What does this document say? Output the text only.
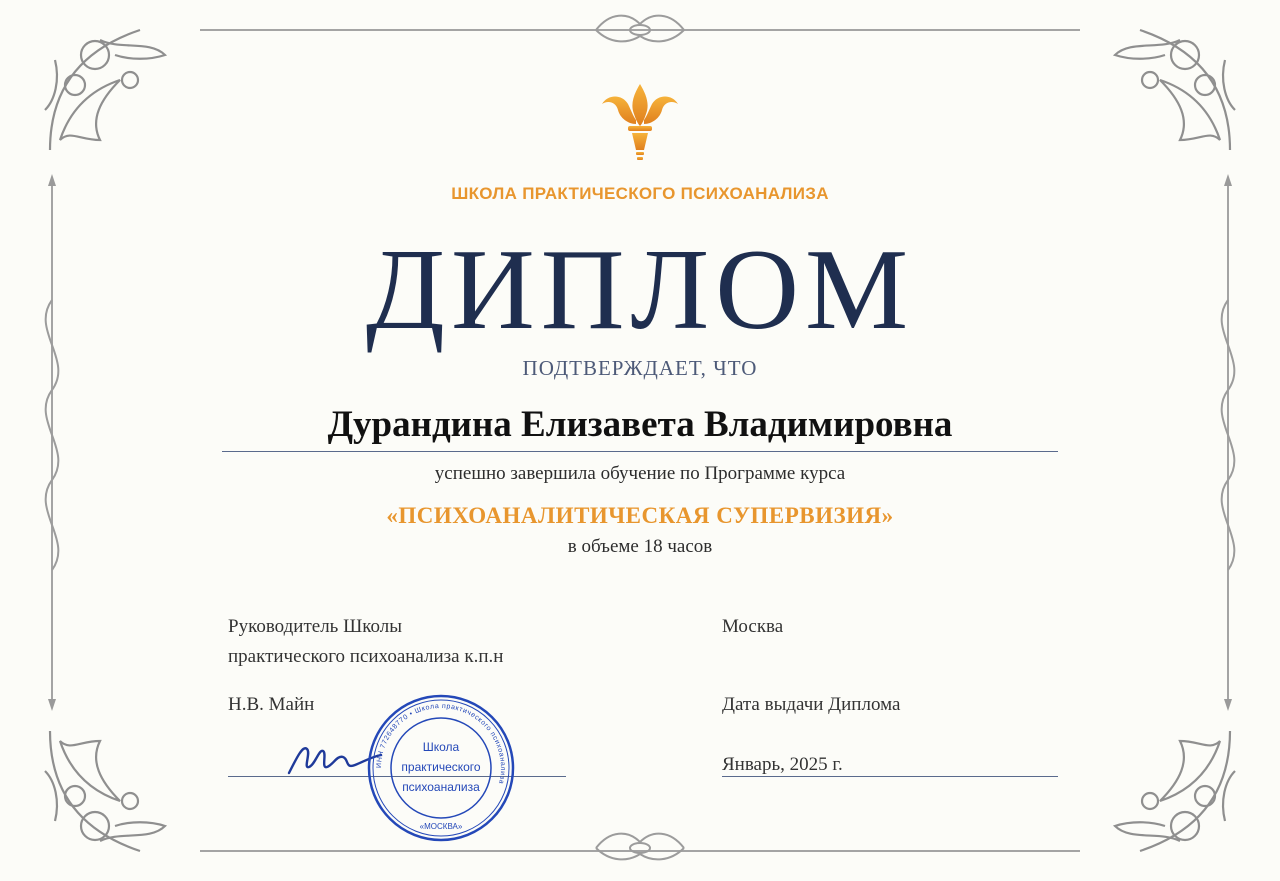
ШКОЛА ПРАКТИЧЕСКОГО ПСИХОАНАЛИЗА
ДИПЛОМ
ПОДТВЕРЖДАЕТ, ЧТО
Дурандина Елизавета Владимировна
успешно завершила обучение по Программе курса
«ПСИХОАНАЛИТИЧЕСКАЯ СУПЕРВИЗИЯ»
в объеме 18 часов
Руководитель Школы
практического психоанализа к.п.н
Н.В. Майн
Москва
Дата выдачи Диплома
Январь, 2025 г.
ИНН 772648770 • Школа практического психоанализа
Школа
практического
психоанализа
«МОСКВА»
